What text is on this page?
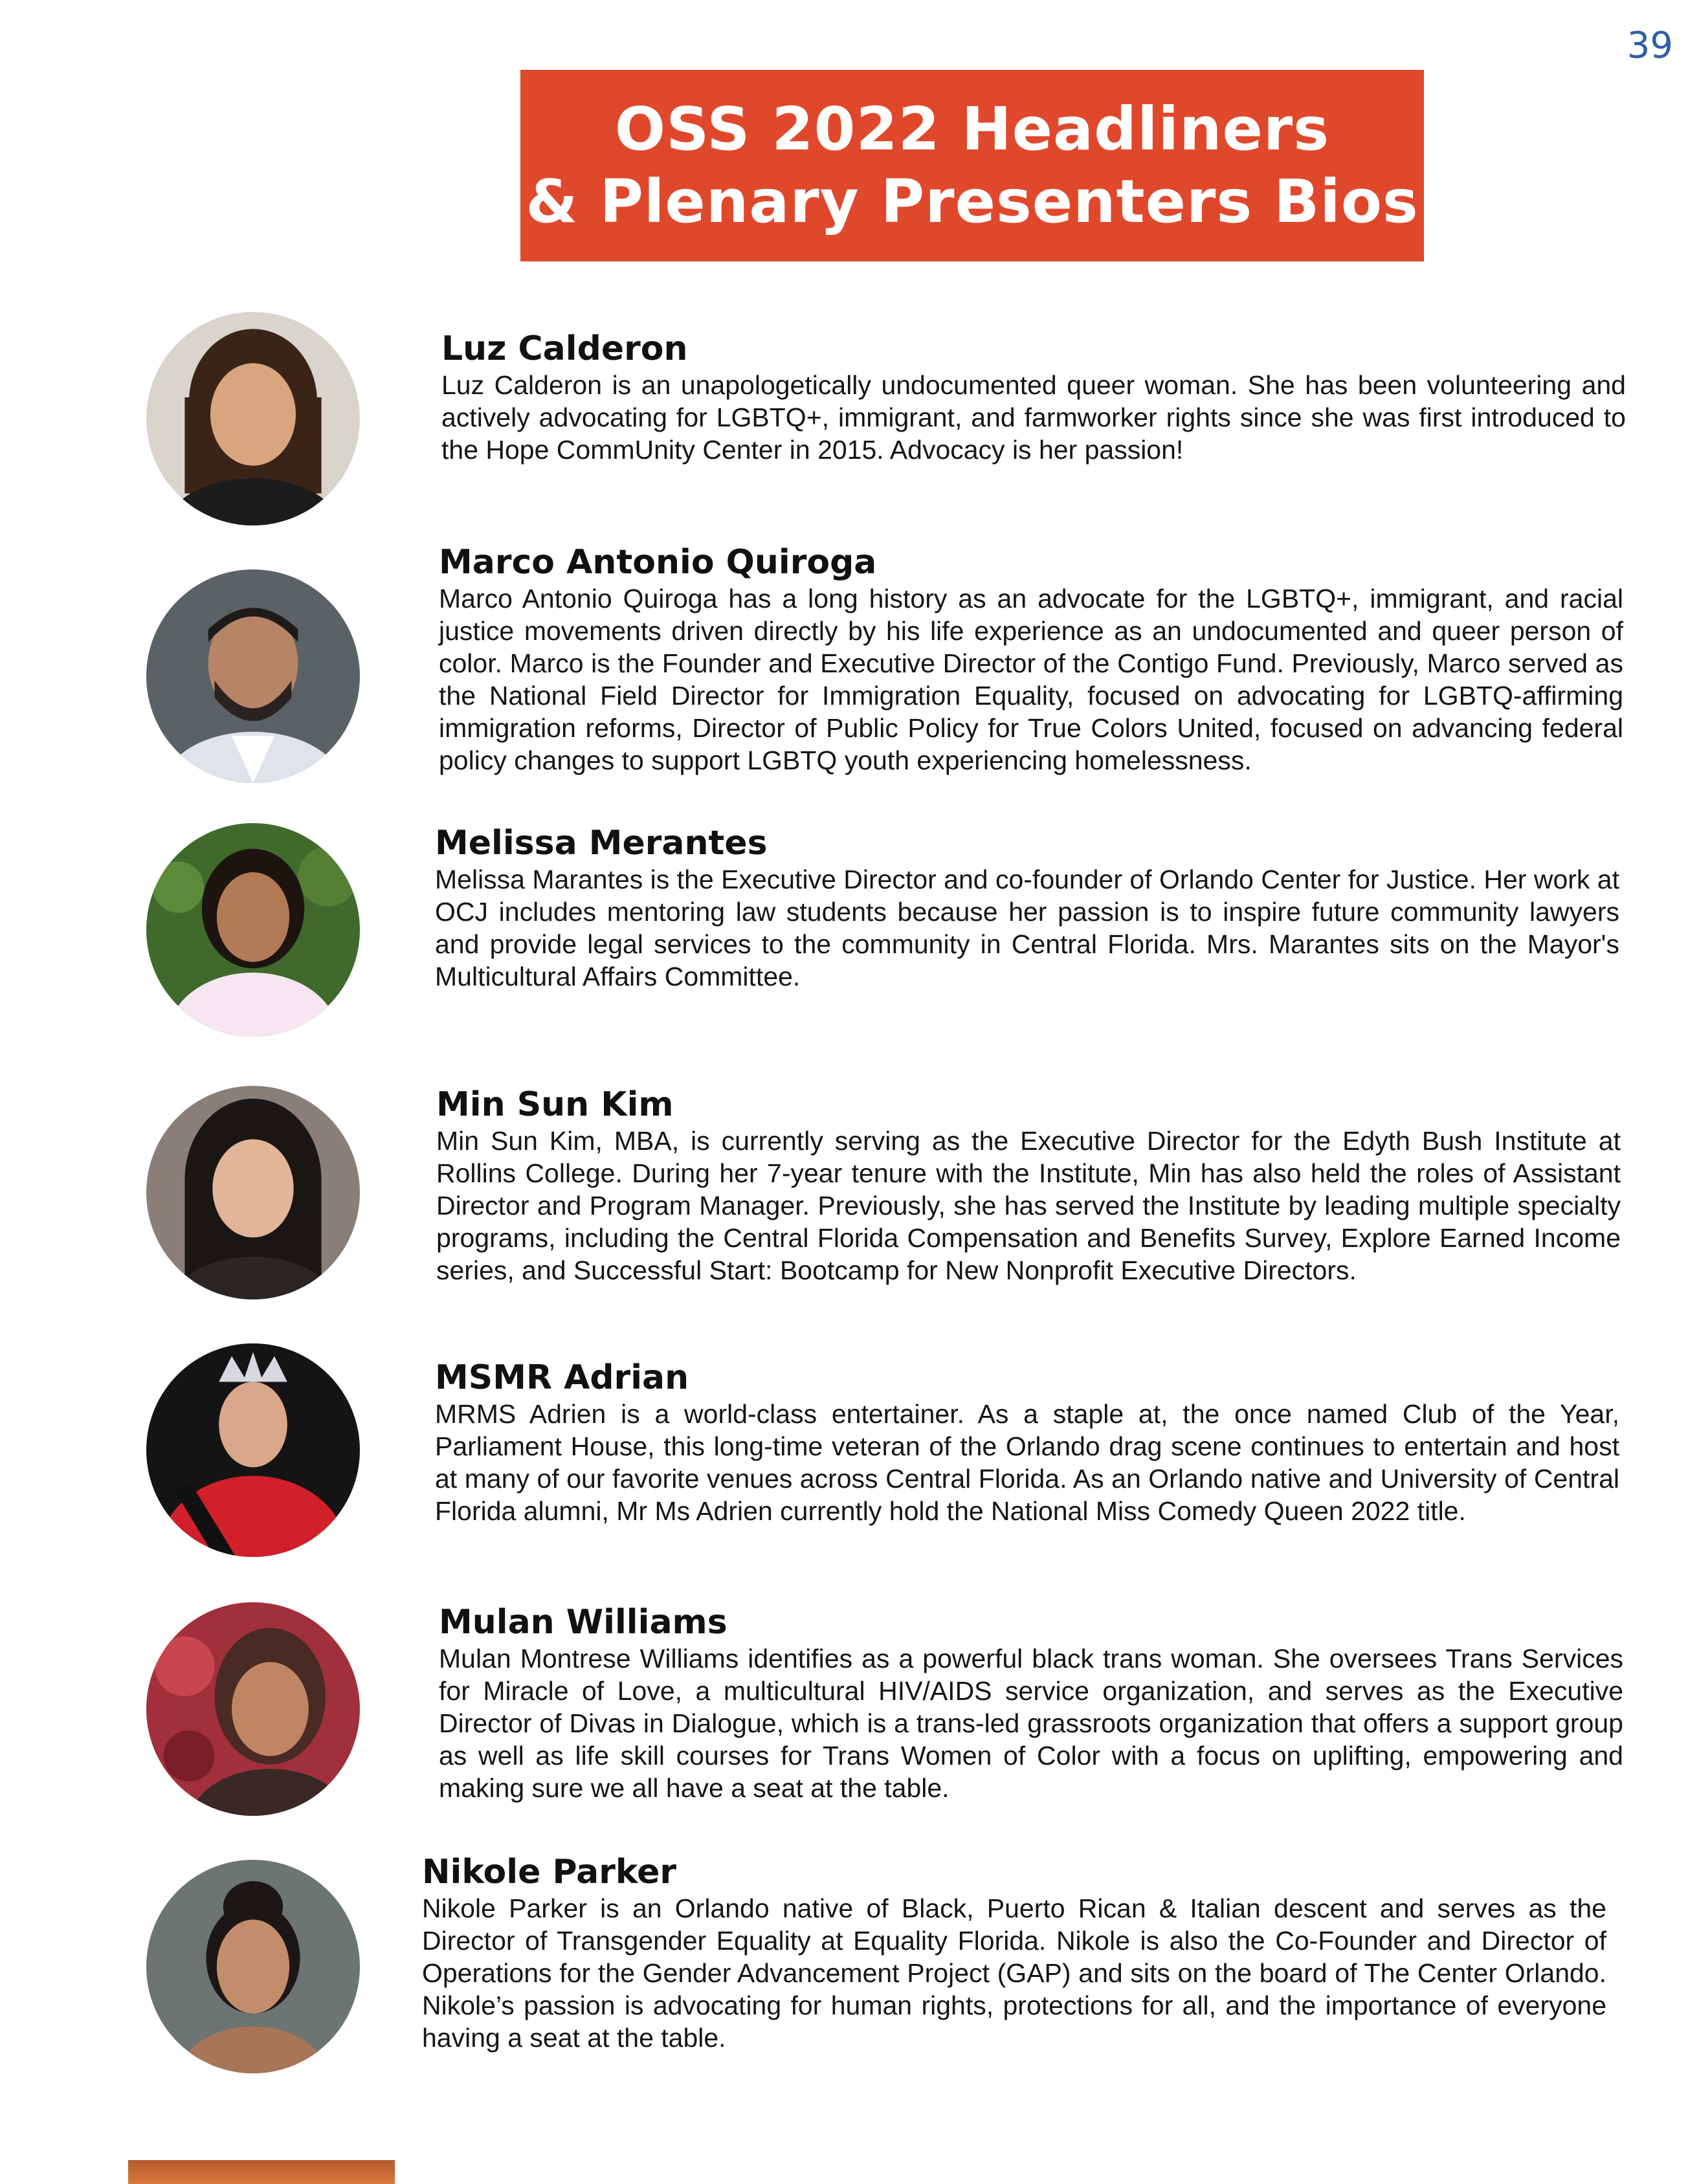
39
OSS 2022 Headliners
& Plenary Presenters Bios

Luz Calderon

Luz Calderon is an unapologetically undocumented queer woman. She has been volunteering and actively advocating for LGBTQ+, immigrant, and farmworker rights since she was first introduced to the Hope CommUnity Center in 2015. Advocacy is her passion!

Marco Antonio Quiroga

Marco Antonio Quiroga has a long history as an advocate for the LGBTQ+, immigrant, and racial justice movements driven directly by his life experience as an undocumented and queer person of color. Marco is the Founder and Executive Director of the Contigo Fund. Previously, Marco served as the National Field Director for Immigration Equality, focused on advocating for LGBTQ-affirming immigration reforms, Director of Public Policy for True Colors United, focused on advancing federal policy changes to support LGBTQ youth experiencing homelessness.

Melissa Merantes

Melissa Marantes is the Executive Director and co-founder of Orlando Center for Justice. Her work at OCJ includes mentoring law students because her passion is to inspire future community lawyers and provide legal services to the community in Central Florida. Mrs. Marantes sits on the Mayor's Multicultural Affairs Committee.

Min Sun Kim

Min Sun Kim, MBA, is currently serving as the Executive Director for the Edyth Bush Institute at Rollins College. During her 7-year tenure with the Institute, Min has also held the roles of Assistant Director and Program Manager. Previously, she has served the Institute by leading multiple specialty programs, including the Central Florida Compensation and Benefits Survey, Explore Earned Income series, and Successful Start: Bootcamp for New Nonprofit Executive Directors.

MSMR Adrian

MRMS Adrien is a world-class entertainer. As a staple at, the once named Club of the Year, Parliament House, this long-time veteran of the Orlando drag scene continues to entertain and host at many of our favorite venues across Central Florida. As an Orlando native and University of Central Florida alumni, Mr Ms Adrien currently hold the National Miss Comedy Queen 2022 title.

Mulan Williams

Mulan Montrese Williams identifies as a powerful black trans woman. She oversees Trans Services for Miracle of Love, a multicultural HIV/AIDS service organization, and serves as the Executive Director of Divas in Dialogue, which is a trans-led grassroots organization that offers a support group as well as life skill courses for Trans Women of Color with a focus on uplifting, empowering and making sure we all have a seat at the table.

Nikole Parker

Nikole Parker is an Orlando native of Black, Puerto Rican & Italian descent and serves as the Director of Transgender Equality at Equality Florida. Nikole is also the Co-Founder and Director of Operations for the Gender Advancement Project (GAP) and sits on the board of The Center Orlando. Nikole’s passion is advocating for human rights, protections for all, and the importance of everyone having a seat at the table.
